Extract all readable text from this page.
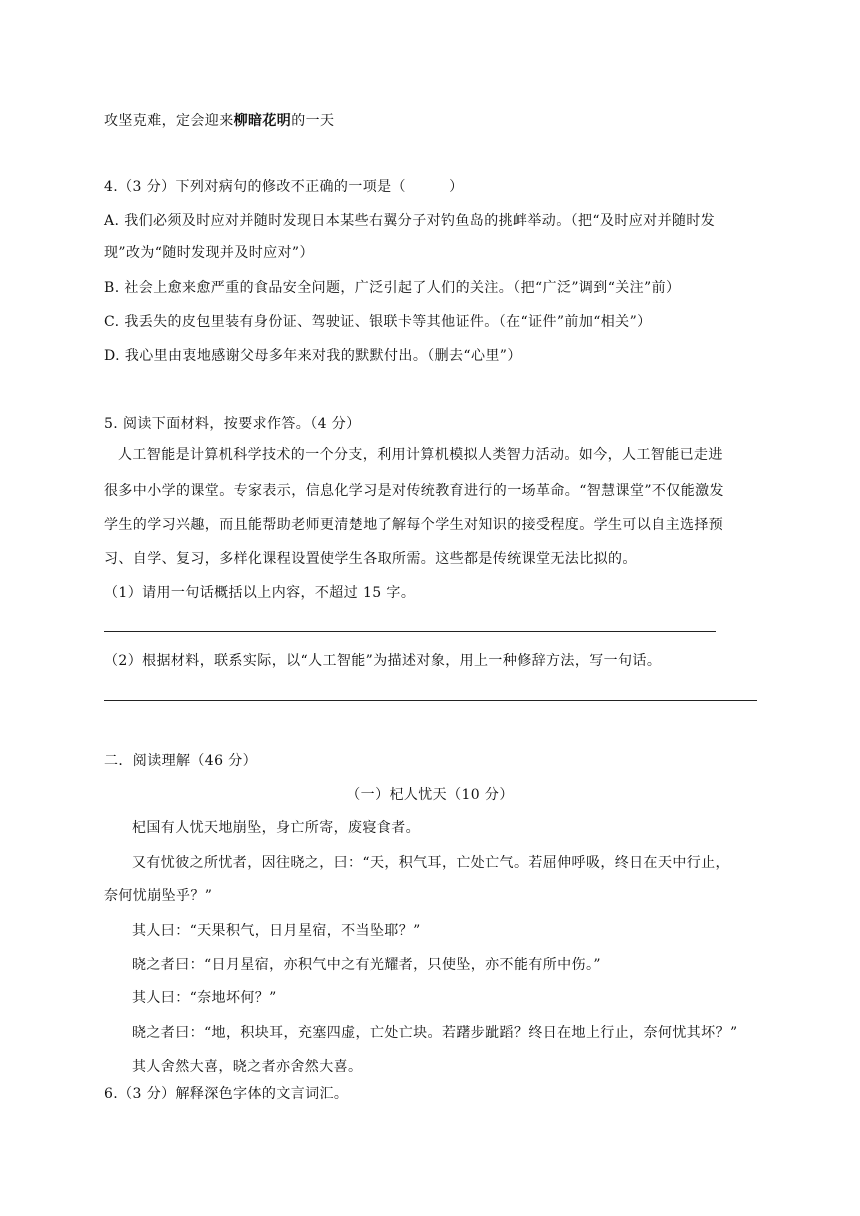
攻坚克难，定会迎来柳暗花明的一天
4.（3 分）下列对病句的修改不正确的一项是（　　　）
A. 我们必须及时应对并随时发现日本某些右翼分子对钓鱼岛的挑衅举动。（把“及时应对并随时发
现”改为“随时发现并及时应对”）
B. 社会上愈来愈严重的食品安全问题，广泛引起了人们的关注。（把“广泛”调到“关注”前）
C. 我丢失的皮包里装有身份证、驾驶证、银联卡等其他证件。（在“证件”前加“相关”）
D. 我心里由衷地感谢父母多年来对我的默默付出。（删去“心里”）
5. 阅读下面材料，按要求作答。（4 分）
人工智能是计算机科学技术的一个分支，利用计算机模拟人类智力活动。如今，人工智能已走进
很多中小学的课堂。专家表示，信息化学习是对传统教育进行的一场革命。“智慧课堂”不仅能激发
学生的学习兴趣，而且能帮助老师更清楚地了解每个学生对知识的接受程度。学生可以自主选择预
习、自学、复习，多样化课程设置使学生各取所需。这些都是传统课堂无法比拟的。
（1）请用一句话概括以上内容，不超过 15 字。
（2）根据材料，联系实际，以“人工智能”为描述对象，用上一种修辞方法，写一句话。
二．阅读理解（46 分）
（一）杞人忧天（10 分）
杞国有人忧天地崩坠，身亡所寄，废寝食者。
又有忧彼之所忧者，因往晓之，曰：“天，积气耳，亡处亡气。若屈伸呼吸，终日在天中行止，
奈何忧崩坠乎？”
其人曰：“天果积气，日月星宿，不当坠耶？”
晓之者曰：“日月星宿，亦积气中之有光耀者，只使坠，亦不能有所中伤。”
其人曰：“奈地坏何？”
晓之者曰：“地，积块耳，充塞四虚，亡处亡块。若躇步跐蹈？终日在地上行止，奈何忧其坏？”
其人舍然大喜，晓之者亦舍然大喜。
6.（3 分）解释深色字体的文言词汇。
